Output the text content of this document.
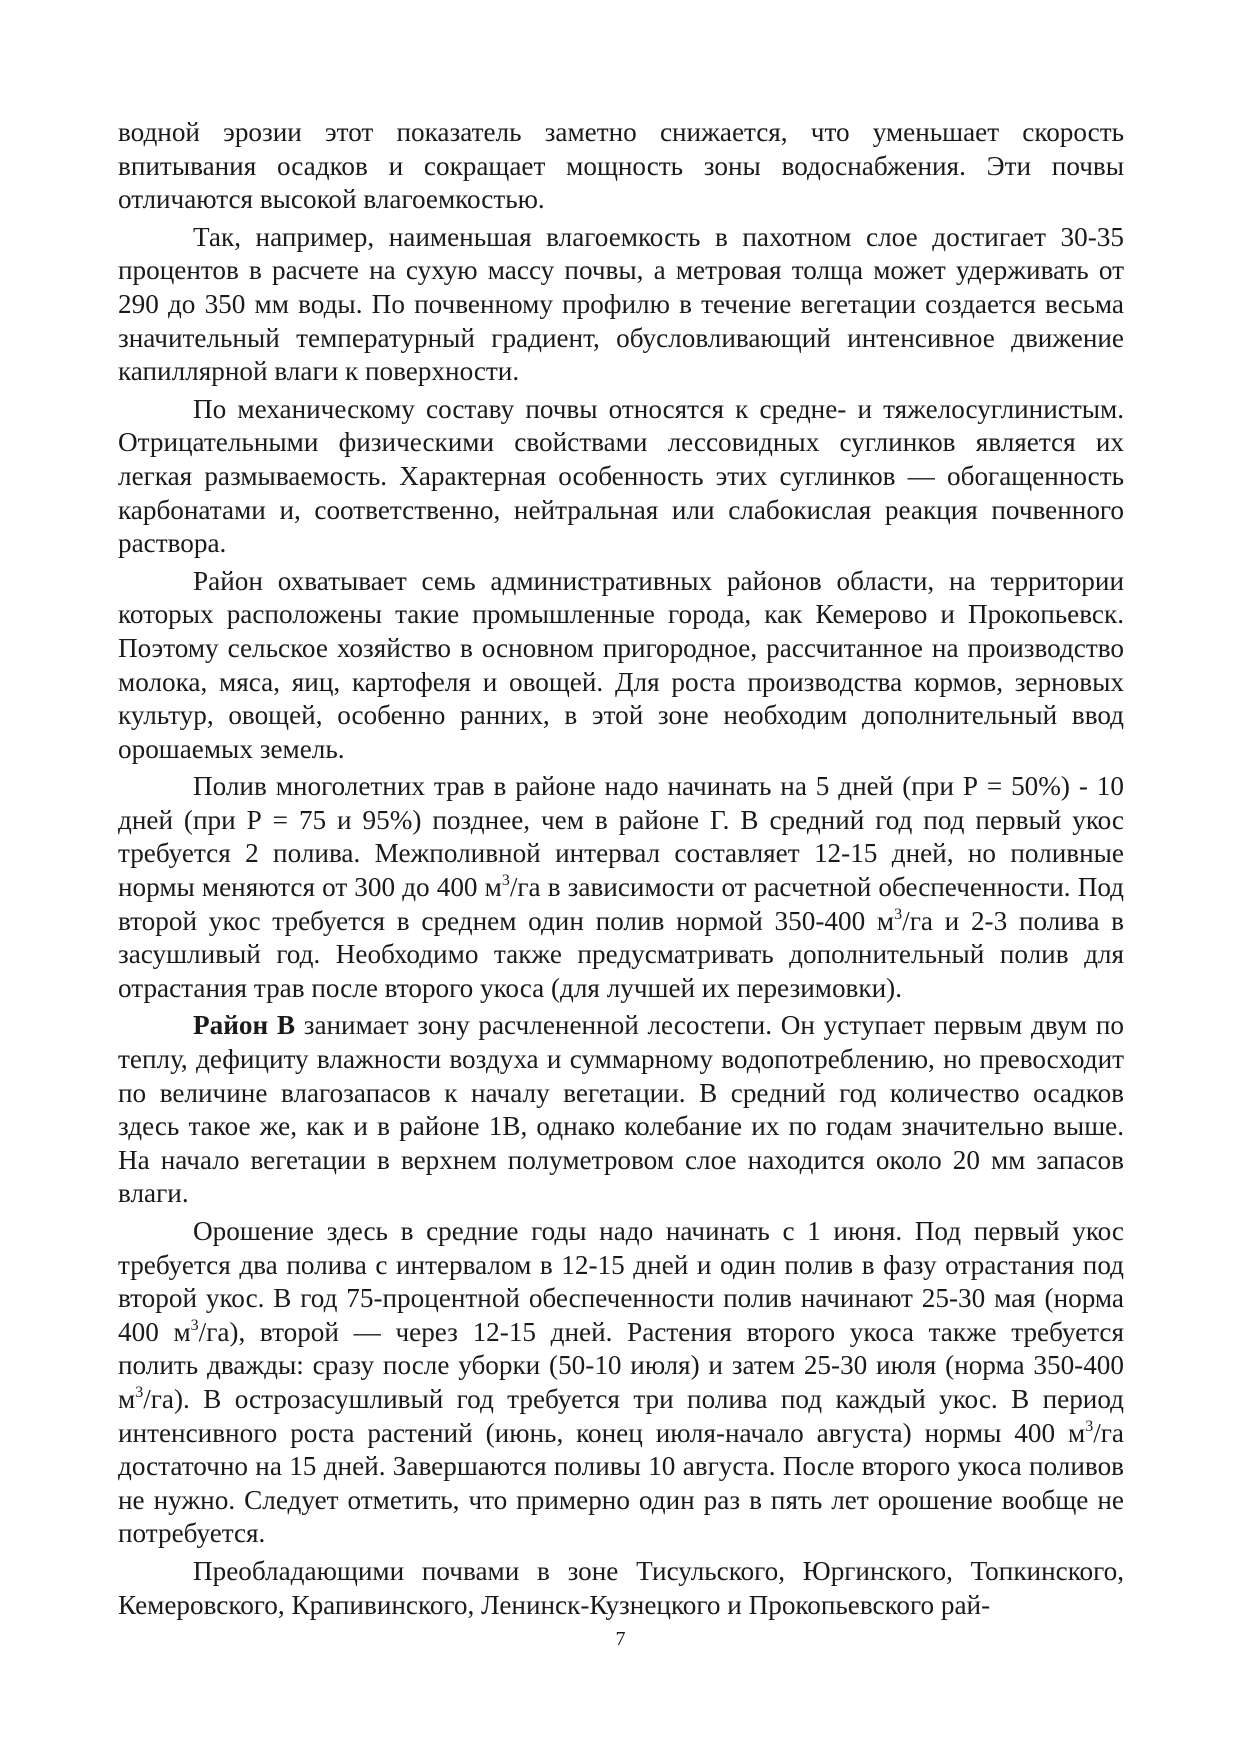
водной эрозии этот показатель заметно снижается, что уменьшает скорость впитывания осадков и сокращает мощность зоны водоснабжения. Эти почвы отличаются высокой влагоемкостью.

Так, например, наименьшая влагоемкость в пахотном слое достигает 30-35 процентов в расчете на сухую массу почвы, а метровая толща может удерживать от 290 до 350 мм воды. По почвенному профилю в течение вегетации создается весьма значительный температурный градиент, обусловливающий интенсивное движение капиллярной влаги к поверхности.

По механическому составу почвы относятся к средне- и тяжелосуглинистым. Отрицательными физическими свойствами лессовидных суглинков является их легкая размываемость. Характерная особенность этих суглинков — обогащенность карбонатами и, соответственно, нейтральная или слабокислая реакция почвенного раствора.

Район охватывает семь административных районов области, на территории которых расположены такие промышленные города, как Кемерово и Прокопьевск. Поэтому сельское хозяйство в основном пригородное, рассчитанное на производство молока, мяса, яиц, картофеля и овощей. Для роста производства кормов, зерновых культур, овощей, особенно ранних, в этой зоне необходим дополнительный ввод орошаемых земель.

Полив многолетних трав в районе надо начинать на 5 дней (при Р = 50%) - 10 дней (при Р = 75 и 95%) позднее, чем в районе Г. В средний год под первый укос требуется 2 полива. Межполивной интервал составляет 12-15 дней, но поливные нормы меняются от 300 до 400 $м^3/га$ в зависимости от расчетной обеспеченности. Под второй укос требуется в среднем один полив нормой 350-400 $м^3/га$ и 2-3 полива в засушливый год. Необходимо также предусматривать дополнительный полив для отрастания трав после второго укоса (для лучшей их перезимовки).

Район В занимает зону расчлененной лесостепи. Он уступает первым двум по теплу, дефициту влажности воздуха и суммарному водопотреблению, но превосходит по величине влагозапасов к началу вегетации. В средний год количество осадков здесь такое же, как и в районе 1В, однако колебание их по годам значительно выше. На начало вегетации в верхнем полуметровом слое находится около 20 мм запасов влаги.

Орошение здесь в средние годы надо начинать с 1 июня. Под первый укос требуется два полива с интервалом в 12-15 дней и один полив в фазу отрастания под второй укос. В год 75-процентной обеспеченности полив начинают 25-30 мая (норма 400 $м^3/га$), второй — через 12-15 дней. Растения второго укоса также требуется полить дважды: сразу после уборки (50-10 июля) и затем 25-30 июля (норма 350-400 $м^3/га$). В острозасушливый год требуется три полива под каждый укос. В период интенсивного роста растений (июнь, конец июля-начало августа) нормы 400 $м^3/га$ достаточно на 15 дней. Завершаются поливы 10 августа. После второго укоса поливов не нужно. Следует отметить, что примерно один раз в пять лет орошение вообще не потребуется.

Преобладающими почвами в зоне Тисульского, Юргинского, Топкинского, Кемеровского, Крапивинского, Ленинск-Кузнецкого и Прокопьевского рай-

7
